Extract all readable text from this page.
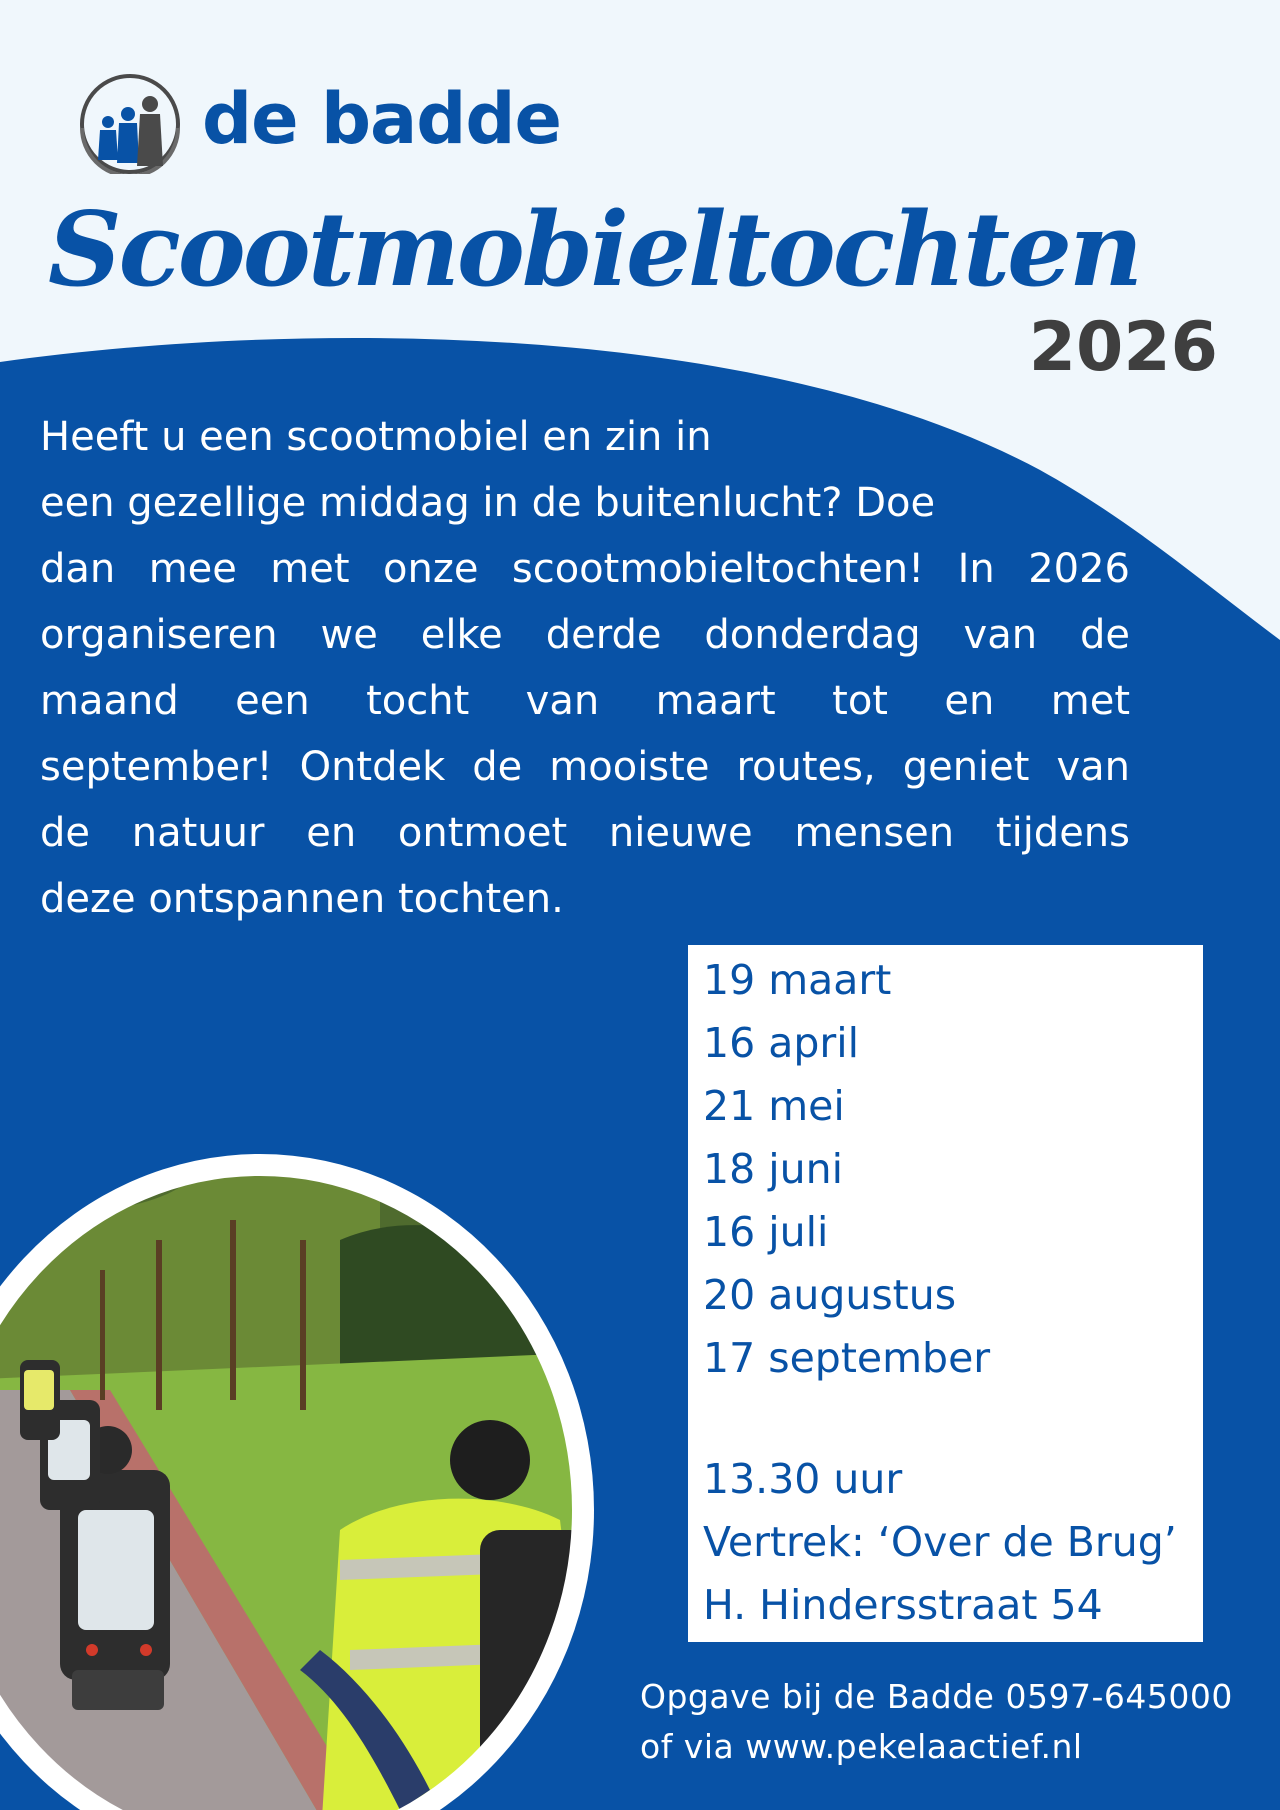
de badde
Scootmobieltochten
2026
Heeft u een scootmobiel en zin in
een gezellige middag in de buitenlucht? Doe
dan mee met onze scootmobieltochten! In 2026
organiseren we elke derde donderdag van de
maand een tocht van maart tot en met
september! Ontdek de mooiste routes, geniet van
de natuur en ontmoet nieuwe mensen tijdens
deze ontspannen tochten.
19 maart
16 april
21 mei
18 juni
16 juli
20 augustus
17 september
13.30 uur
Vertrek: ‘Over de Brug’
H. Hindersstraat 54
Opgave bij de Badde 0597-645000
of via www.pekelaactief.nl
